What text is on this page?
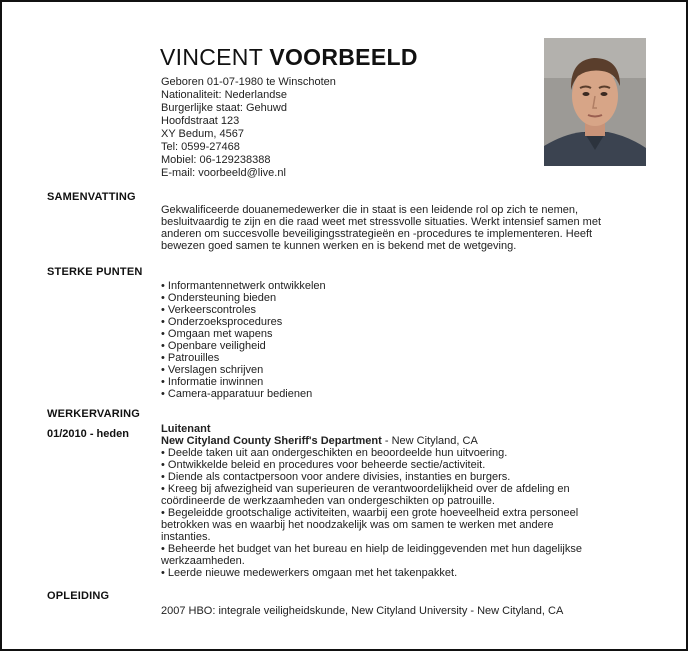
VINCENT VOORBEELD
Geboren 01-07-1980 te Winschoten
Nationaliteit: Nederlandse
Burgerlijke staat: Gehuwd
Hoofdstraat 123
XY Bedum, 4567
Tel: 0599-27468
Mobiel: 06-129238388
E-mail: voorbeeld@live.nl
SAMENVATTING
Gekwalificeerde douanemedewerker die in staat is een leidende rol op zich te nemen,
besluitvaardig te zijn en die raad weet met stressvolle situaties. Werkt intensief samen met
anderen om succesvolle beveiligingsstrategieën en -procedures te implementeren. Heeft
bewezen goed samen te kunnen werken en is bekend met de wetgeving.
STERKE PUNTEN
• Informantennetwerk ontwikkelen
• Ondersteuning bieden
• Verkeerscontroles
• Onderzoeksprocedures
• Omgaan met wapens
• Openbare veiligheid
• Patrouilles
• Verslagen schrijven
• Informatie inwinnen
• Camera-apparatuur bedienen
WERKERVARING
01/2010 - heden	Luitenant
New Cityland County Sheriff's Department - New Cityland, CA
• Deelde taken uit aan ondergeschikten en beoordeelde hun uitvoering.
• Ontwikkelde beleid en procedures voor beheerde sectie/activiteit.
• Diende als contactpersoon voor andere divisies, instanties en burgers.
• Kreeg bij afwezigheid van superieuren de verantwoordelijkheid over de afdeling en
coördineerde de werkzaamheden van ondergeschikten op patrouille.
• Begeleidde grootschalige activiteiten, waarbij een grote hoeveelheid extra personeel
betrokken was en waarbij het noodzakelijk was om samen te werken met andere
instanties.
• Beheerde het budget van het bureau en hielp de leidinggevenden met hun dagelijkse
werkzaamheden.
• Leerde nieuwe medewerkers omgaan met het takenpakket.
OPLEIDING
2007 HBO: integrale veiligheidskunde, New Cityland University - New Cityland, CA
